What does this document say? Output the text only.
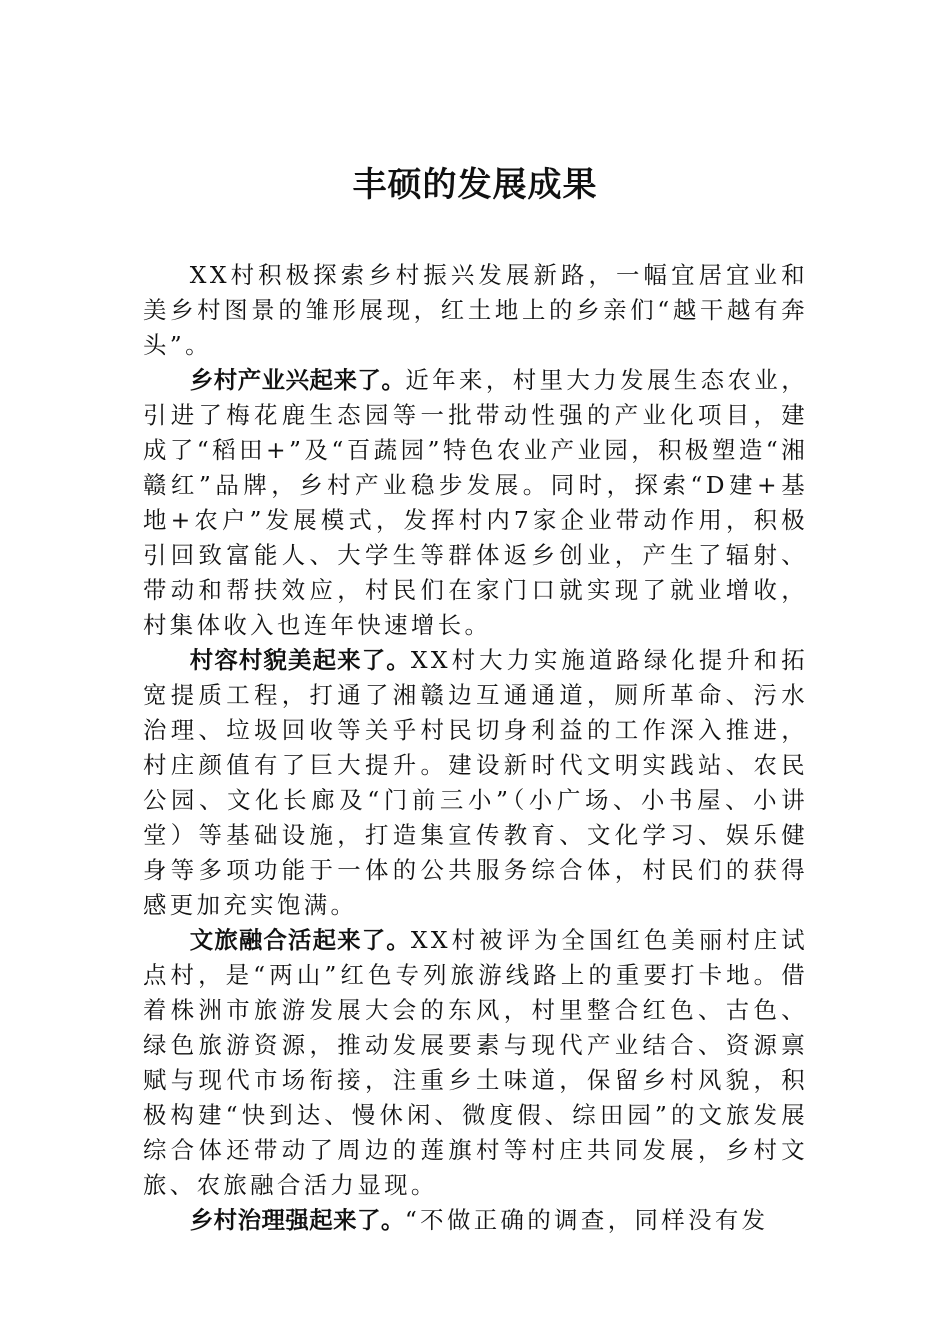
丰硕的发展成果

XX村积极探索乡村振兴发展新路，一幅宜居宜业和美乡村图景的雏形展现，红土地上的乡亲们“越干越有奔头”。

乡村产业兴起来了。近年来，村里大力发展生态农业，引进了梅花鹿生态园等一批带动性强的产业化项目，建成了“稻田+”及“百蔬园”特色农业产业园，积极塑造“湘赣红”品牌，乡村产业稳步发展。同时，探索“D建+基地+农户”发展模式，发挥村内7家企业带动作用，积极引回致富能人、大学生等群体返乡创业，产生了辐射、带动和帮扶效应，村民们在家门口就实现了就业增收，村集体收入也连年快速增长。

村容村貌美起来了。XX村大力实施道路绿化提升和拓宽提质工程，打通了湘赣边互通通道，厕所革命、污水治理、垃圾回收等关乎村民切身利益的工作深入推进，村庄颜值有了巨大提升。建设新时代文明实践站、农民公园、文化长廊及“门前三小”（小广场、小书屋、小讲堂）等基础设施，打造集宣传教育、文化学习、娱乐健身等多项功能于一体的公共服务综合体，村民们的获得感更加充实饱满。

文旅融合活起来了。XX村被评为全国红色美丽村庄试点村，是“两山”红色专列旅游线路上的重要打卡地。借着株洲市旅游发展大会的东风，村里整合红色、古色、绿色旅游资源，推动发展要素与现代产业结合、资源禀赋与现代市场衔接，注重乡土味道，保留乡村风貌，积极构建“快到达、慢休闲、微度假、综田园”的文旅发展综合体还带动了周边的莲旗村等村庄共同发展，乡村文旅、农旅融合活力显现。

乡村治理强起来了。“不做正确的调查，同样没有发
